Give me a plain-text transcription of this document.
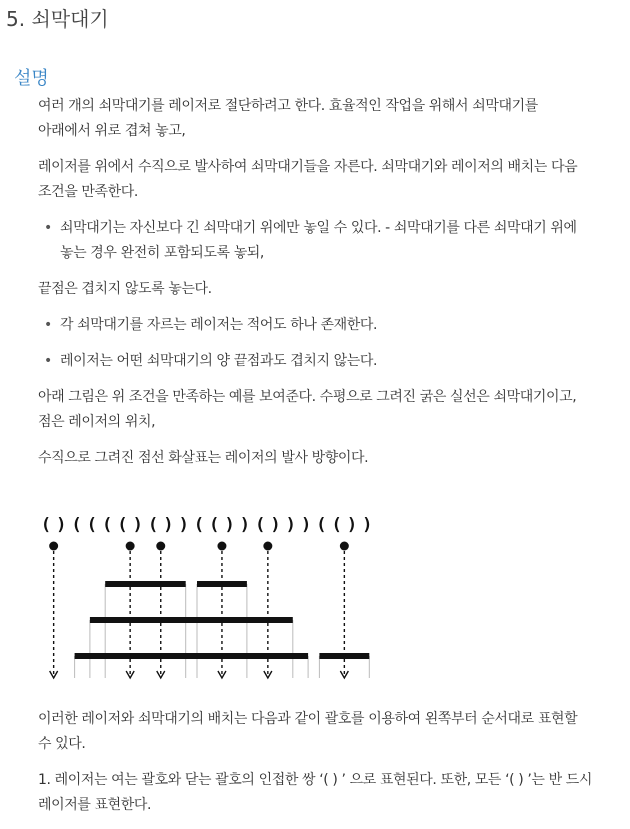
5. 쇠막대기
설명

여러 개의 쇠막대기를 레이저로 절단하려고 한다. 효율적인 작업을 위해서 쇠막대기를 아래에서 위로 겹쳐 놓고,

레이저를 위에서 수직으로 발사하여 쇠막대기들을 자른다. 쇠막대기와 레이저의 배치는 다음 조건을 만족한다.

• 쇠막대기는 자신보다 긴 쇠막대기 위에만 놓일 수 있다. - 쇠막대기를 다른 쇠막대기 위에 놓는 경우 완전히 포함되도록 놓되,

끝점은 겹치지 않도록 놓는다.

• 각 쇠막대기를 자르는 레이저는 적어도 하나 존재한다.

• 레이저는 어떤 쇠막대기의 양 끝점과도 겹치지 않는다.

아래 그림은 위 조건을 만족하는 예를 보여준다. 수평으로 그려진 굵은 실선은 쇠막대기이고, 점은 레이저의 위치,

수직으로 그려진 점선 화살표는 레이저의 발사 방향이다.

( ) ( ( ( ( ) ( ) ) ( ( ) ) ( ) ) ) ( ( ) )

이러한 레이저와 쇠막대기의 배치는 다음과 같이 괄호를 이용하여 왼쪽부터 순서대로 표현할 수 있다.

1. 레이저는 여는 괄호와 닫는 괄호의 인접한 쌍 ‘( ) ’ 으로 표현된다. 또한, 모든 ‘( ) ’는 반 드시 레이저를 표현한다.
